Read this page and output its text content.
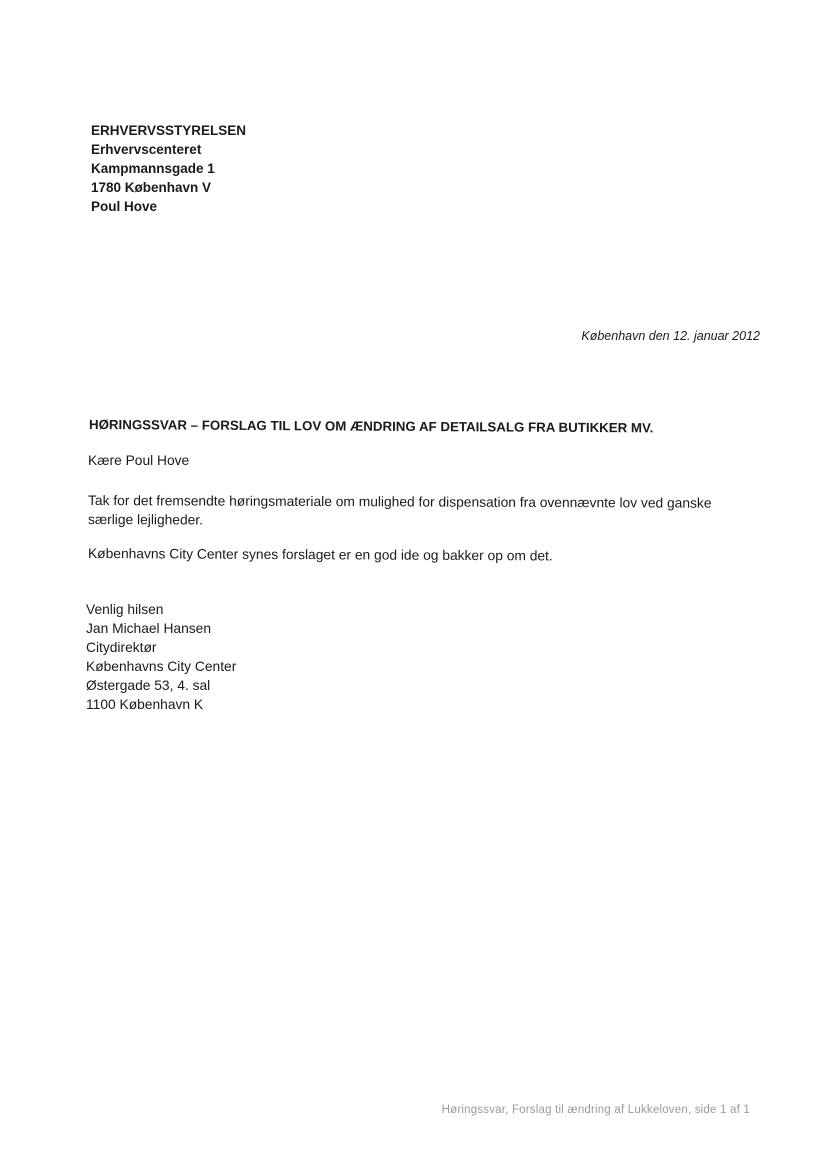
ERHVERVSSTYRELSEN
Erhvervscenteret
Kampmannsgade 1
1780 København V
Poul Hove
København den 12. januar 2012
HØRINGSSVAR – FORSLAG TIL LOV OM ÆNDRING AF DETAILSALG FRA BUTIKKER MV.
Kære Poul Hove
Tak for det fremsendte høringsmateriale om mulighed for dispensation fra ovennævnte lov ved ganske særlige lejligheder.
Københavns City Center synes forslaget er en god ide og bakker op om det.
Venlig hilsen
Jan Michael Hansen
Citydirektør
Københavns City Center
Østergade 53, 4. sal
1100 København K
Høringssvar, Forslag til ændring af Lukkeloven, side 1 af 1
